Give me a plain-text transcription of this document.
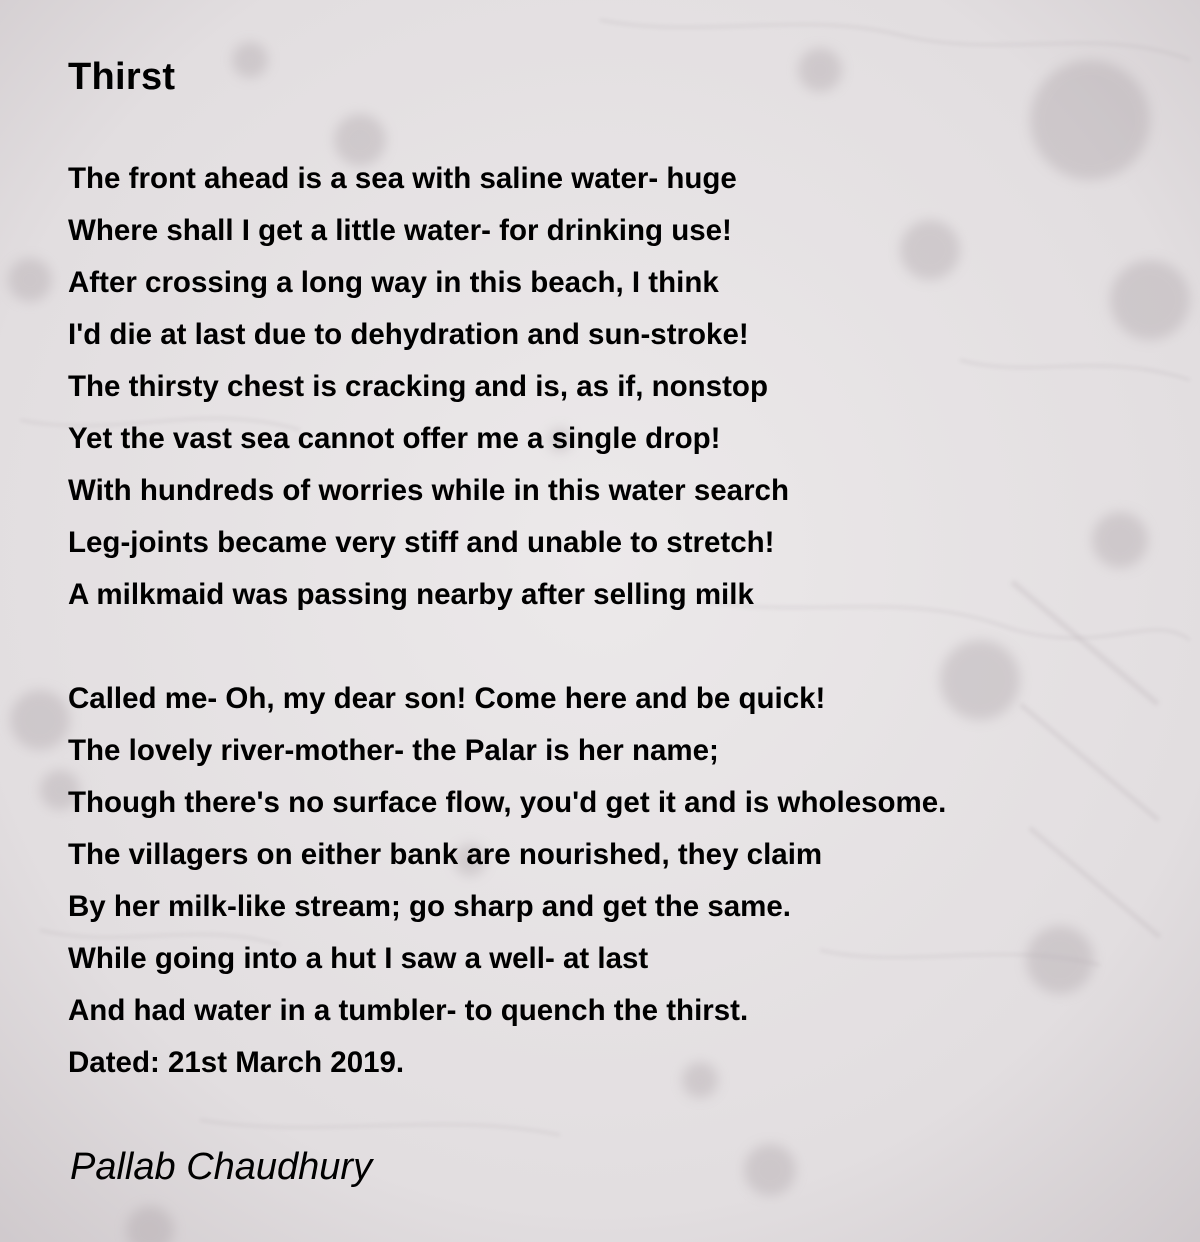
Thirst
The front ahead is a sea with saline water- huge
Where shall I get a little water- for drinking use!
After crossing a long way in this beach, I think
I'd die at last due to dehydration and sun-stroke!
The thirsty chest is cracking and is, as if, nonstop
Yet the vast sea cannot offer me a single drop!
With hundreds of worries while in this water search
Leg-joints became very stiff and unable to stretch!
A milkmaid was passing nearby after selling milk
Called me- Oh, my dear son! Come here and be quick!
The lovely river-mother- the Palar is her name;
Though there's no surface flow, you'd get it and is wholesome.
The villagers on either bank are nourished, they claim
By her milk-like stream; go sharp and get the same.
While going into a hut I saw a well- at last
And had water in a tumbler- to quench the thirst.
Dated: 21st March 2019.

Pallab Chaudhury
